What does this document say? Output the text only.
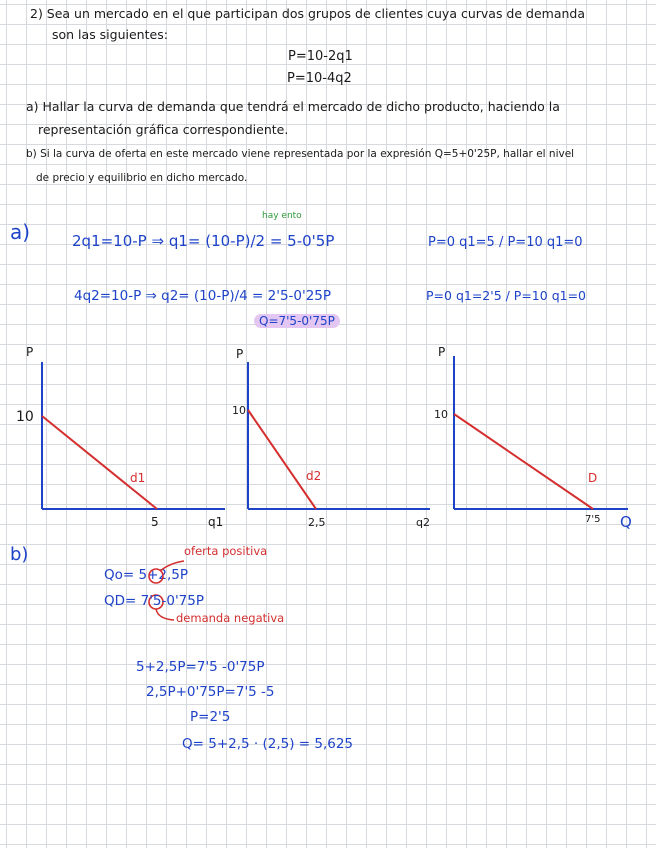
2) Sea un mercado en el que participan dos grupos de clientes cuya curvas de demanda
son las siguientes:
P=10-2q1
P=10-4q2
a) Hallar la curva de demanda que tendrá el mercado de dicho producto, haciendo la
representación gráfica correspondiente.
b) Si la curva de oferta en este mercado viene representada por la expresión Q=5+0'25P, hallar el nivel
de precio y equilibrio en dicho mercado.
a)
hay ento
2q1=10-P ⇒ q1= (10-P)/2 = 5-0'5P	P=0 q1=5 / P=10 q1=0
4q2=10-P ⇒ q2= (10-P)/4 = 2'5-0'25P
Q=7'5-0'75P
P=0 q1=2'5 / P=10 q1=0
P
10
5	q1
d1
P
10
2,5	q2
d2
P
10
7'5 Q
D
b)	oferta positiva
Qo= 5+2,5P
QD= 7'5-0'75P
demanda negativa
5+2,5P=7'5 -0'75P
2,5P+0'75P=7'5 -5
P=2'5
Q= 5+2,5 · (2,5) = 5,625
